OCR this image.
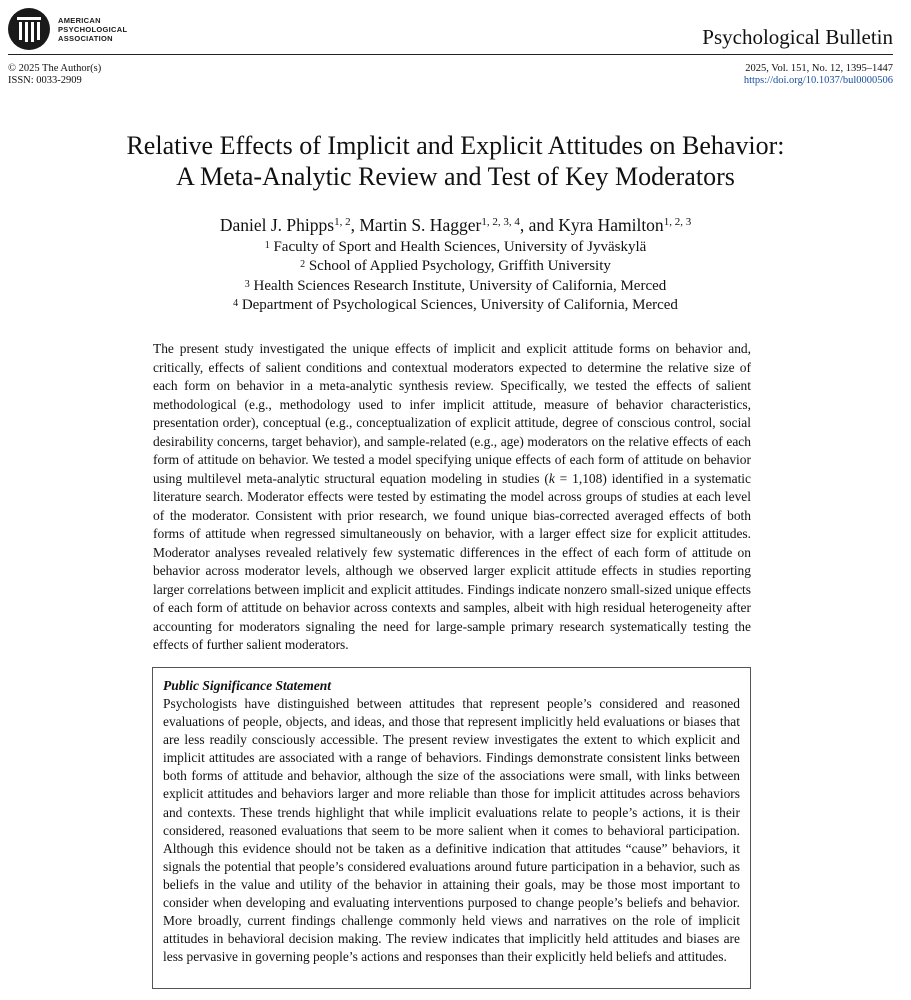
AMERICAN
PSYCHOLOGICAL
ASSOCIATION	Psychological Bulletin
© 2025 The Author(s)
ISSN: 0033-2909
2025, Vol. 151, No. 12, 1395–1447
https://doi.org/10.1037/bul0000506
Relative Effects of Implicit and Explicit Attitudes on Behavior:
A Meta-Analytic Review and Test of Key Moderators
Daniel J. Phipps$^{1, 2}$, Martin S. Hagger$^{1, 2, 3, 4}$, and Kyra Hamilton$^{1, 2, 3}$
$^1$ Faculty of Sport and Health Sciences, University of Jyväskylä
$^2$ School of Applied Psychology, Griffith University
$^3$ Health Sciences Research Institute, University of California, Merced
$^4$ Department of Psychological Sciences, University of California, Merced

The present study investigated the unique effects of implicit and explicit attitude forms on behavior and, critically, effects of salient conditions and contextual moderators expected to determine the relative size of each form on behavior in a meta-analytic synthesis review. Specifically, we tested the effects of salient methodological (e.g., methodology used to infer implicit attitude, measure of behavior characteristics, presentation order), conceptual (e.g., conceptualization of explicit attitude, degree of conscious control, social desirability concerns, target behavior), and sample-related (e.g., age) moderators on the relative effects of each form of attitude on behavior. We tested a model specifying unique effects of each form of attitude on behavior using multilevel meta-analytic structural equation modeling in studies (k = 1,108) identified in a systematic literature search. Moderator effects were tested by estimating the model across groups of studies at each level of the moderator. Consistent with prior research, we found unique bias-corrected averaged effects of both forms of attitude when regressed simultaneously on behavior, with a larger effect size for explicit attitudes. Moderator analyses revealed relatively few systematic differences in the effect of each form of attitude on behavior across moderator levels, although we observed larger explicit attitude effects in studies reporting larger correlations between implicit and explicit attitudes. Findings indicate nonzero small-sized unique effects of each form of attitude on behavior across contexts and samples, albeit with high residual heterogeneity after accounting for moderators signaling the need for large-sample primary research systematically testing the effects of further salient moderators.

Public Significance Statement
Psychologists have distinguished between attitudes that represent people’s considered and reasoned evaluations of people, objects, and ideas, and those that represent implicitly held evaluations or biases that are less readily consciously accessible. The present review investigates the extent to which explicit and implicit attitudes are associated with a range of behaviors. Findings demonstrate consistent links between both forms of attitude and behavior, although the size of the associations were small, with links between explicit attitudes and behaviors larger and more reliable than those for implicit attitudes across behaviors and contexts. These trends highlight that while implicit evaluations relate to people’s actions, it is their considered, reasoned evaluations that seem to be more salient when it comes to behavioral participation. Although this evidence should not be taken as a definitive indication that attitudes “cause” behaviors, it signals the potential that people’s considered evaluations around future participation in a behavior, such as beliefs in the value and utility of the behavior in attaining their goals, may be those most important to consider when developing and evaluating interventions purposed to change people’s beliefs and behavior. More broadly, current findings challenge commonly held views and narratives on the role of implicit attitudes in behavioral decision making. The review indicates that implicitly held attitudes and biases are less pervasive in governing people’s actions and responses than their explicitly held beliefs and attitudes.
